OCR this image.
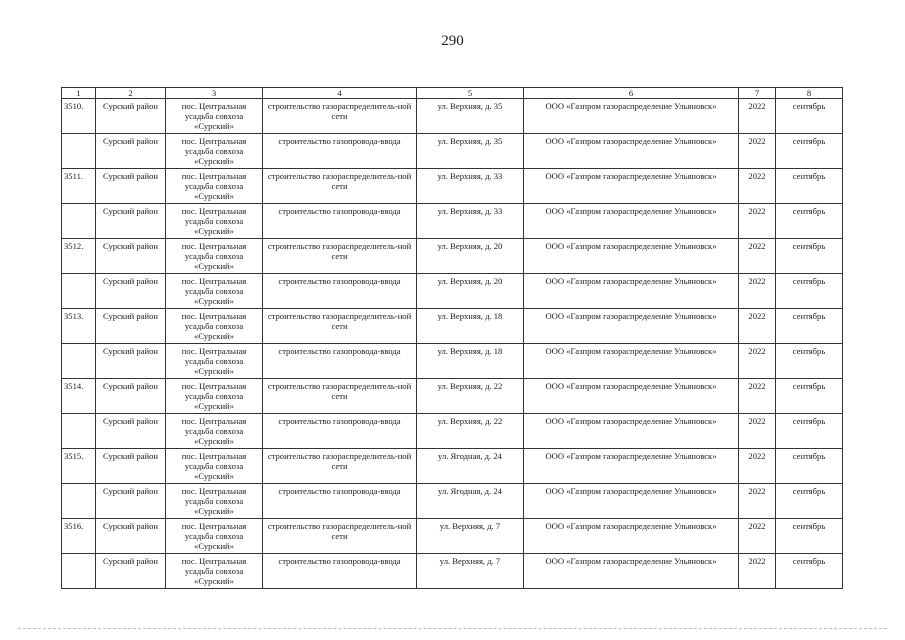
290
1	2	3	4	5	6	7	8
3510.	Сурский район	пос. Центральная усадьба совхоза «Сурский»	строительство газораспределитель-ной сети	ул. Верхняя, д. 35	ООО «Газпром газораспределение Ульяновск»	2022	сентябрь
	Сурский район	пос. Центральная усадьба совхоза «Сурский»	строительство газопровода-ввода	ул. Верхняя, д. 35	ООО «Газпром газораспределение Ульяновск»	2022	сентябрь
3511.	Сурский район	пос. Центральная усадьба совхоза «Сурский»	строительство газораспределитель-ной сети	ул. Верхняя, д. 33	ООО «Газпром газораспределение Ульяновск»	2022	сентябрь
	Сурский район	пос. Центральная усадьба совхоза «Сурский»	строительство газопровода-ввода	ул. Верхняя, д. 33	ООО «Газпром газораспределение Ульяновск»	2022	сентябрь
3512.	Сурский район	пос. Центральная усадьба совхоза «Сурский»	строительство газораспределитель-ной сети	ул. Верхняя, д. 20	ООО «Газпром газораспределение Ульяновск»	2022	сентябрь
	Сурский район	пос. Центральная усадьба совхоза «Сурский»	строительство газопровода-ввода	ул. Верхняя, д. 20	ООО «Газпром газораспределение Ульяновск»	2022	сентябрь
3513.	Сурский район	пос. Центральная усадьба совхоза «Сурский»	строительство газораспределитель-ной сети	ул. Верхняя, д. 18	ООО «Газпром газораспределение Ульяновск»	2022	сентябрь
	Сурский район	пос. Центральная усадьба совхоза «Сурский»	строительство газопровода-ввода	ул. Верхняя, д. 18	ООО «Газпром газораспределение Ульяновск»	2022	сентябрь
3514.	Сурский район	пос. Центральная усадьба совхоза «Сурский»	строительство газораспределитель-ной сети	ул. Верхняя, д. 22	ООО «Газпром газораспределение Ульяновск»	2022	сентябрь
	Сурский район	пос. Центральная усадьба совхоза «Сурский»	строительство газопровода-ввода	ул. Верхняя, д. 22	ООО «Газпром газораспределение Ульяновск»	2022	сентябрь
3515.	Сурский район	пос. Центральная усадьба совхоза «Сурский»	строительство газораспределитель-ной сети	ул. Ягодная, д. 24	ООО «Газпром газораспределение Ульяновск»	2022	сентябрь
	Сурский район	пос. Центральная усадьба совхоза «Сурский»	строительство газопровода-ввода	ул. Ягодная, д. 24	ООО «Газпром газораспределение Ульяновск»	2022	сентябрь
3516.	Сурский район	пос. Центральная усадьба совхоза «Сурский»	строительство газораспределитель-ной сети	ул. Верхняя, д. 7	ООО «Газпром газораспределение Ульяновск»	2022	сентябрь
	Сурский район	пос. Центральная усадьба совхоза «Сурский»	строительство газопровода-ввода	ул. Верхняя, д. 7	ООО «Газпром газораспределение Ульяновск»	2022	сентябрь
